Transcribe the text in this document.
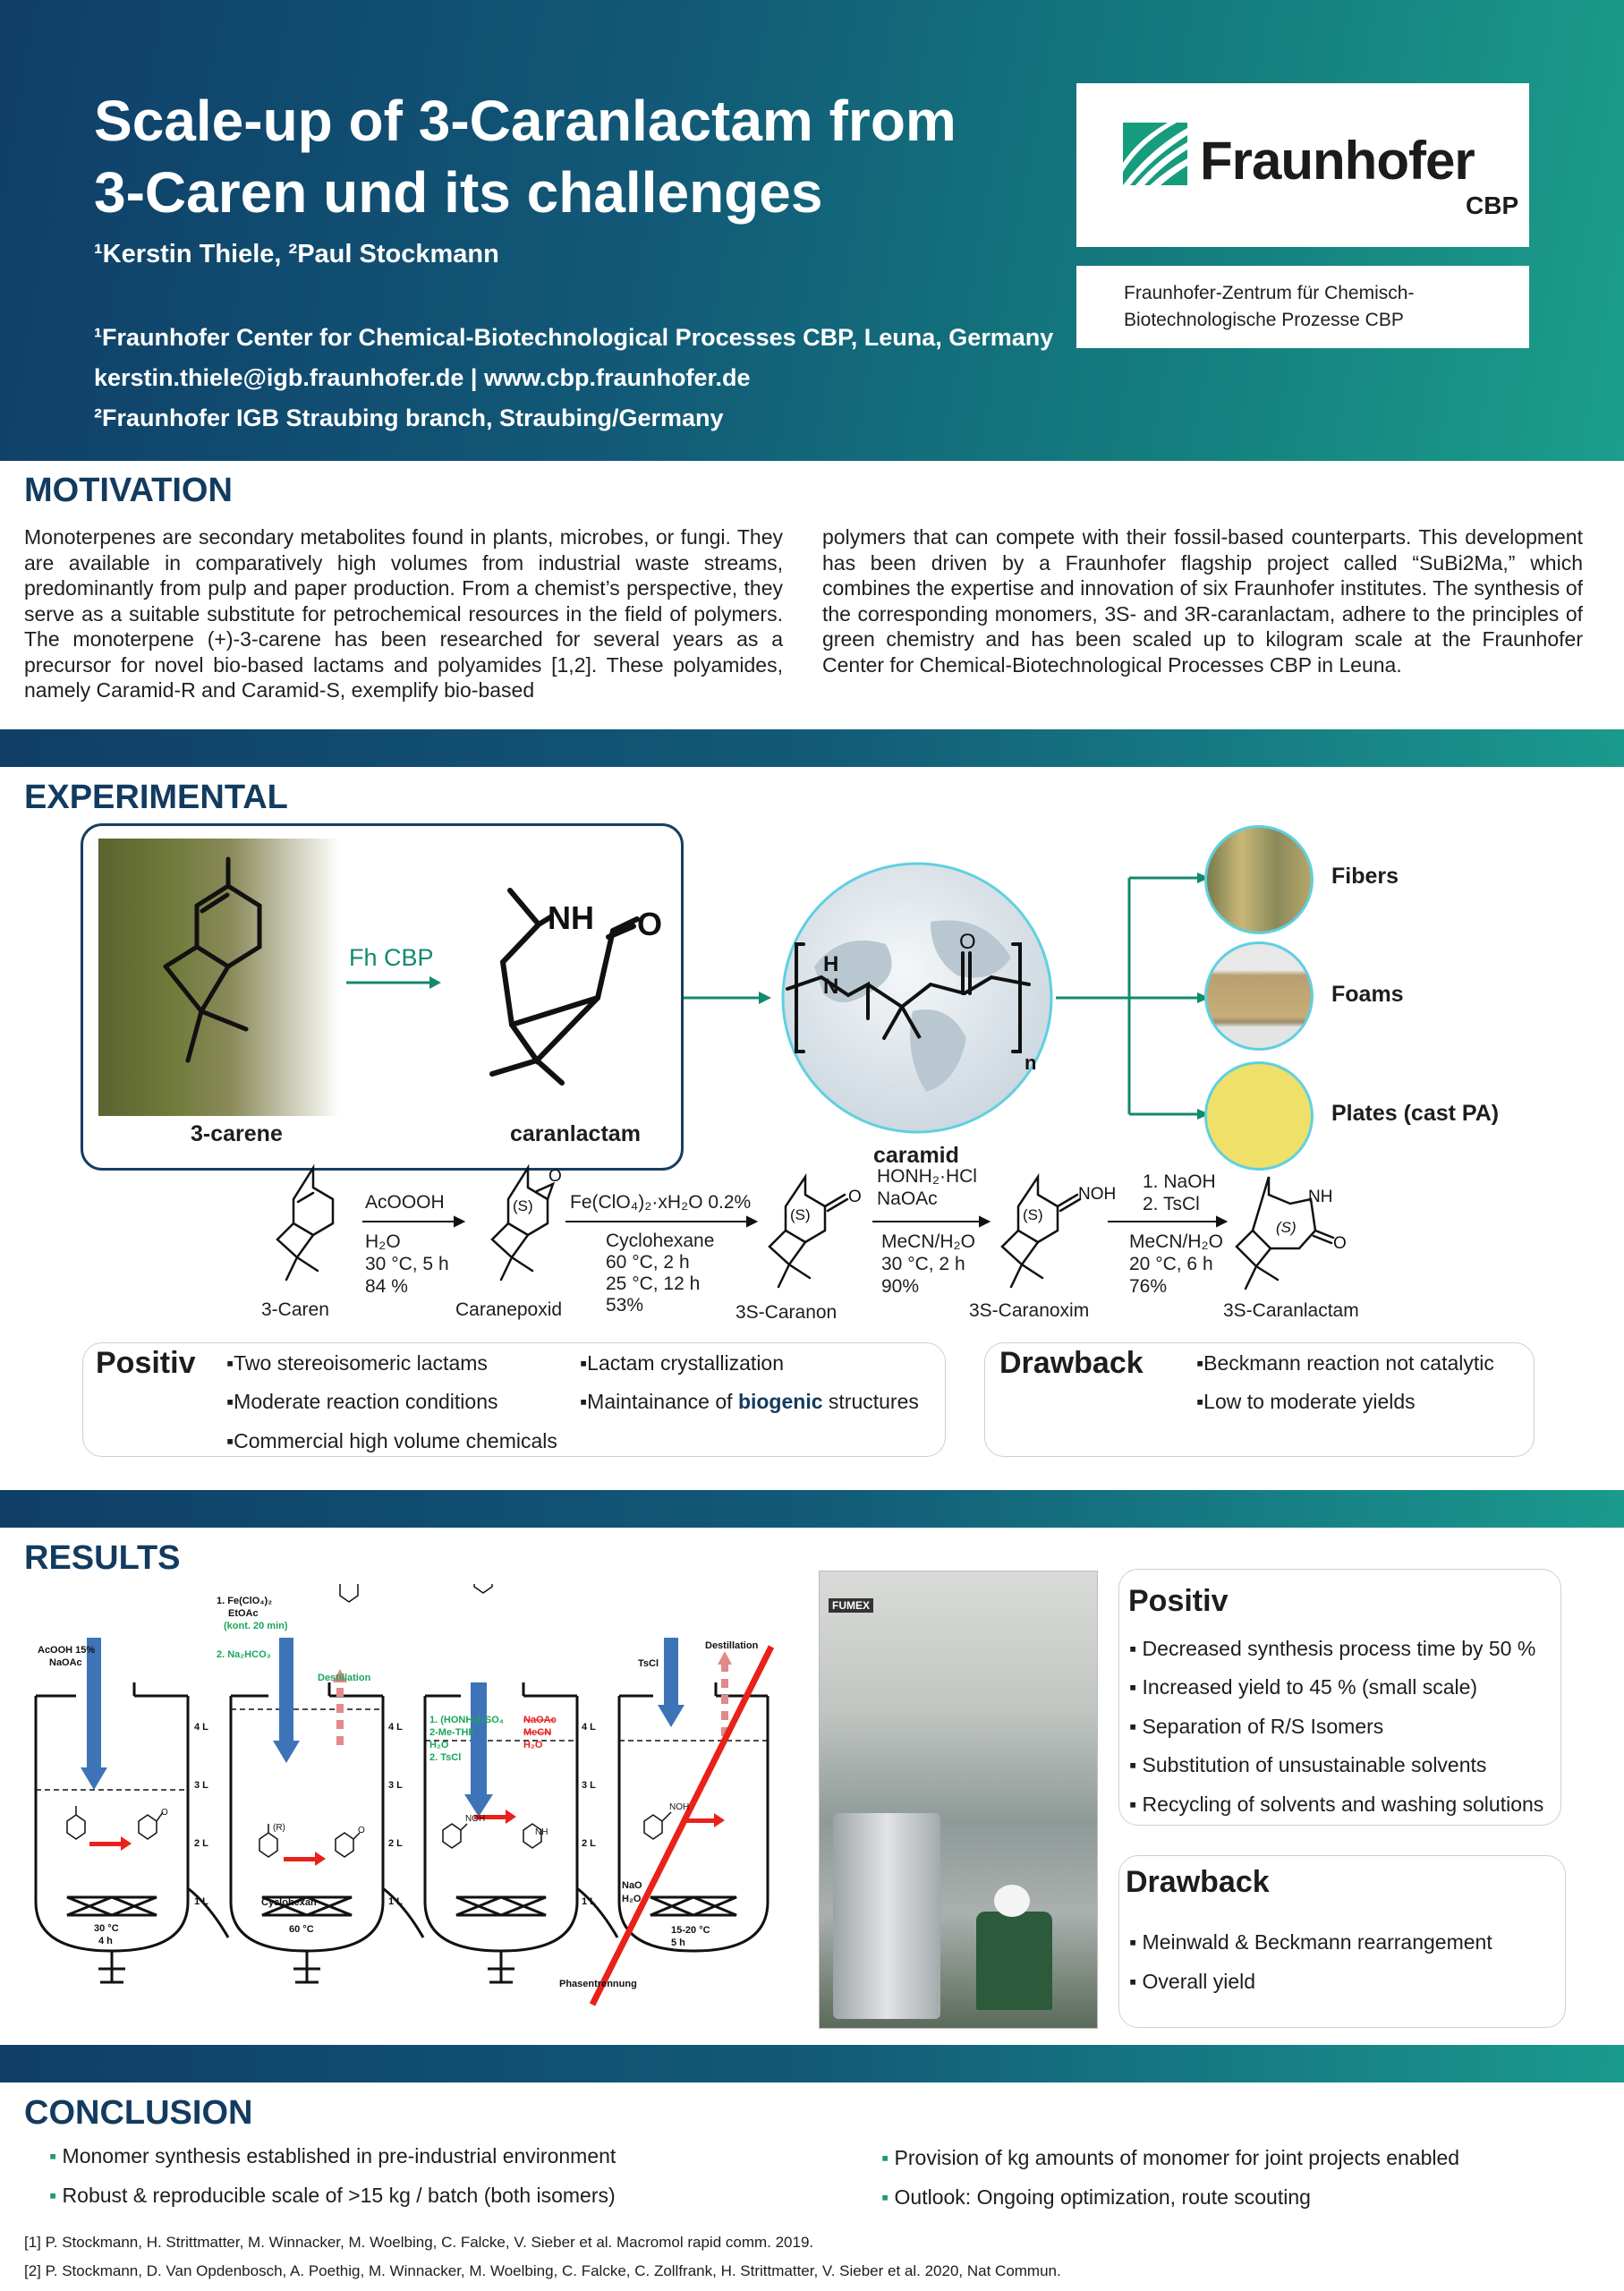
Scale-up of 3-Caranlactam from
3-Caren und its challenges
¹Kerstin Thiele, ²Paul Stockmann
¹Fraunhofer Center for Chemical-Biotechnological Processes CBP, Leuna, Germany
kerstin.thiele@igb.fraunhofer.de | www.cbp.fraunhofer.de
²Fraunhofer IGB Straubing branch, Straubing/Germany
Fraunhofer
CBP
Fraunhofer-Zentrum für Chemisch-
Biotechnologische Prozesse CBP
MOTIVATION
Monoterpenes are secondary metabolites found in plants, microbes, or fungi. They are available in comparatively high volumes from industrial waste streams, predominantly from pulp and paper production. From a chemist’s perspective, they serve as a suitable substitute for petrochemical resources in the field of polymers. The monoterpene (+)-3-carene has been researched for several years as a precursor for novel bio-based lactams and polyamides [1,2]. These polyamides, namely Caramid-R and Caramid-S, exemplify bio-based
polymers that can compete with their fossil-based counterparts. This development has been driven by a Fraunhofer flagship project called “SuBi2Ma,” which combines the expertise and innovation of six Fraunhofer institutes. The synthesis of the corresponding monomers, 3S- and 3R-caranlactam, adhere to the principles of green chemistry and has been scaled up to kilogram scale at the Fraunhofer Center for Chemical-Biotechnological Processes CBP in Leuna.
EXPERIMENTAL
Fh CBP
NH O
3-carene	caranlactam
H
N
O
n
Fibers
Foams
Plates (cast PA)
caramid
(S)
O
(S)
O
(S)
NOH
(S)
NH
O
AcOOOH
H₂O
30 °C, 5 h
84 %
Fe(ClO₄)₂·xH₂O 0.2%
Cyclohexane
60 °C, 2 h
25 °C, 12 h
53%
HONH₂·HCl
NaOAc
MeCN/H₂O
30 °C, 2 h
90%
1. NaOH
2. TsCl
MeCN/H₂O
20 °C, 6 h
76%
3-Caren	Caranepoxid	3S-Caranon	3S-Caranoxim	3S-Caranlactam
Positiv ▪Two stereoisomeric lactams
▪Moderate reaction conditions
▪Commercial high volume chemicals
▪Lactam crystallization
▪Maintainance of biogenic structures
Drawback	▪Beckmann reaction not catalytic
▪Low to moderate yields
RESULTS
4 L
3 L
2 L
1 L
4 L
3 L
2 L
1 L
4 L
3 L
2 L
1 L
O
O
NOH
NH
NOH
(R)
AcOOH 15%
NaOAc
30 °C
4 h
1. Fe(ClO₄)₂
EtOAc
(kont. 20 min)
2. Na₂HCO₃
Destillation
Cyclohexan
60 °C
1. (HONH₃)₂SO₄
2-Me-THF
H₂O
2. TsCl
NaOAc
MeCN
H₂O
Phasentrennung
TsCl
Destillation
NaO
H₂O
15-20 °C
5 h
FUMEX	Positiv
▪ Decreased synthesis process time by 50 %
▪ Increased yield to 45 % (small scale)
▪ Separation of R/S Isomers
▪ Substitution of unsustainable solvents
▪ Recycling of solvents and washing solutions
Drawback
▪ Meinwald & Beckmann rearrangement
▪ Overall yield
CONCLUSION
▪ Monomer synthesis established in pre-industrial environment
▪ Robust & reproducible scale of >15 kg / batch (both isomers)
▪ Provision of kg amounts of monomer for joint projects enabled
▪ Outlook: Ongoing optimization, route scouting
[1] P. Stockmann, H. Strittmatter, M. Winnacker, M. Woelbing, C. Falcke, V. Sieber et al. Macromol rapid comm. 2019.
[2] P. Stockmann, D. Van Opdenbosch, A. Poethig, M. Winnacker, M. Woelbing, C. Falcke, C. Zollfrank, H. Strittmatter, V. Sieber et al. 2020, Nat Commun.
